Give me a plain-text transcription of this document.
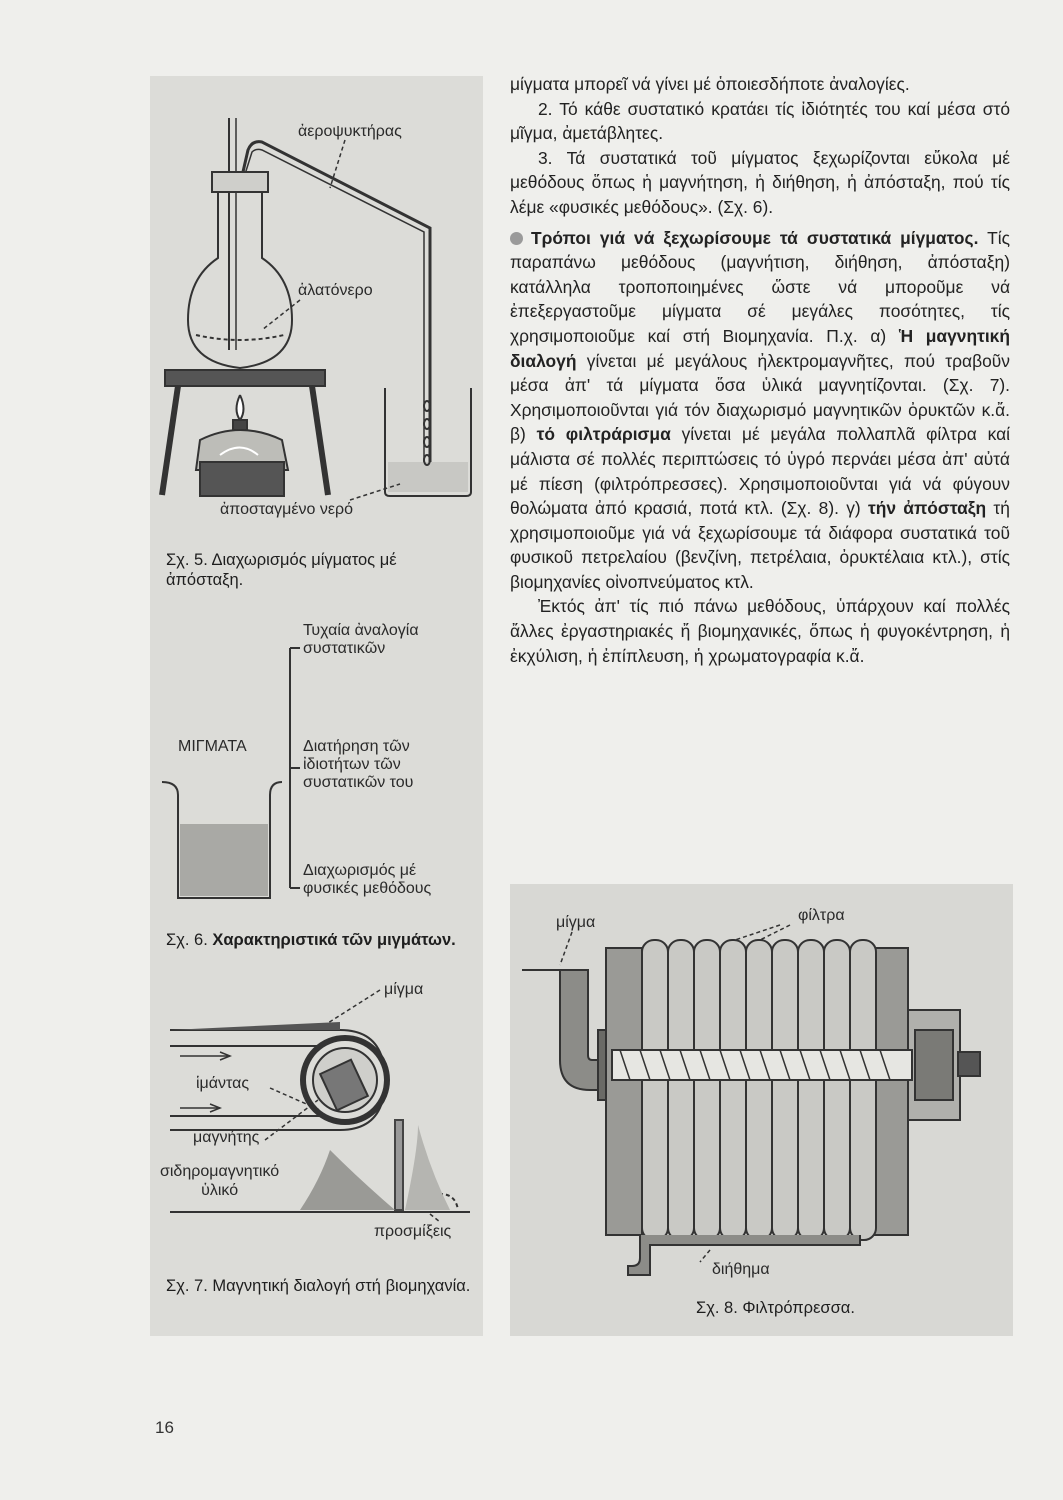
ἀεροψυκτήρας
ἁλατόνερο
ἀποσταγμένο νερό
Σχ. 5. Διαχωρισμός μίγματος μέ ἀπόσταξη.
Τυχαία ἀναλογία
συστατικῶν
ΜΙΓΜΑΤΑ	Διατήρηση τῶν
ἰδιοτήτων τῶν
συστατικῶν του
Διαχωρισμός μέ
φυσικές μεθόδους
Σχ. 6. Χαρακτηριστικά τῶν μιγμάτων.
μίγμα
ἱμάντας
μαγνήτης
σιδηρομαγνητικό
ὑλικό
προσμίξεις
Σχ. 7. Μαγνητική διαλογή στή βιομηχανία.

μίγματα μπορεῖ νά γίνει μέ ὁποιεσδήποτε ἀναλογίες.

2. Τό κάθε συστατικό κρατάει τίς ἰδιότητές του καί μέσα στό μῖγμα, ἀμετάβλητες.

3. Τά συστατικά τοῦ μίγματος ξεχωρίζονται εὔκολα μέ μεθόδους ὅπως ἡ μαγνήτηση, ἡ διήθηση, ἡ ἀπόσταξη, πού τίς λέμε «φυσικές μεθόδους». (Σχ. 6).

Τρόποι γιά νά ξεχωρίσουμε τά συστατικά μίγματος. Τίς παραπάνω μεθόδους (μαγνήτιση, διήθηση, ἀπόσταξη) κατάλληλα τροποποιημένες ὥστε νά μποροῦμε νά ἐπεξεργαστοῦμε μίγματα σέ μεγάλες ποσότητες, τίς χρησιμοποιοῦμε καί στή Βιομηχανία. Π.χ. α) Ἡ μαγνητική διαλογή γίνεται μέ μεγάλους ἠλεκτρομαγνῆτες, πού τραβοῦν μέσα ἀπ' τά μίγματα ὅσα ὑλικά μαγνητίζονται. (Σχ. 7). Χρησιμοποιοῦνται γιά τόν διαχωρισμό μαγνητικῶν ὀρυκτῶν κ.ἄ. β) τό φιλτράρισμα γίνεται μέ μεγάλα πολλαπλᾶ φίλτρα καί μάλιστα σέ πολλές περιπτώσεις τό ὑγρό περνάει μέσα ἀπ' αὐτά μέ πίεση (φιλτρόπρεσσες). Χρησιμοποιοῦνται γιά νά φύγουν θολώματα ἀπό κρασιά, ποτά κτλ. (Σχ. 8). γ) τήν ἀπόσταξη τή χρησιμοποιοῦμε γιά νά ξεχωρίσουμε τά διάφορα συστατικά τοῦ φυσικοῦ πετρελαίου (βενζίνη, πετρέλαια, ὀρυκτέλαια κτλ.), στίς βιομηχανίες οἰνοπνεύματος κτλ.

Ἐκτός ἀπ' τίς πιό πάνω μεθόδους, ὑπάρχουν καί πολλές ἄλλες ἐργαστηριακές ἤ βιομηχανικές, ὅπως ἡ φυγοκέντρηση, ἡ ἐκχύλιση, ἡ ἐπίπλευση, ἡ χρωματογραφία κ.ἄ.

μίγμα	φίλτρα
διήθημα
Σχ. 8. Φιλτρόπρεσσα.
16
